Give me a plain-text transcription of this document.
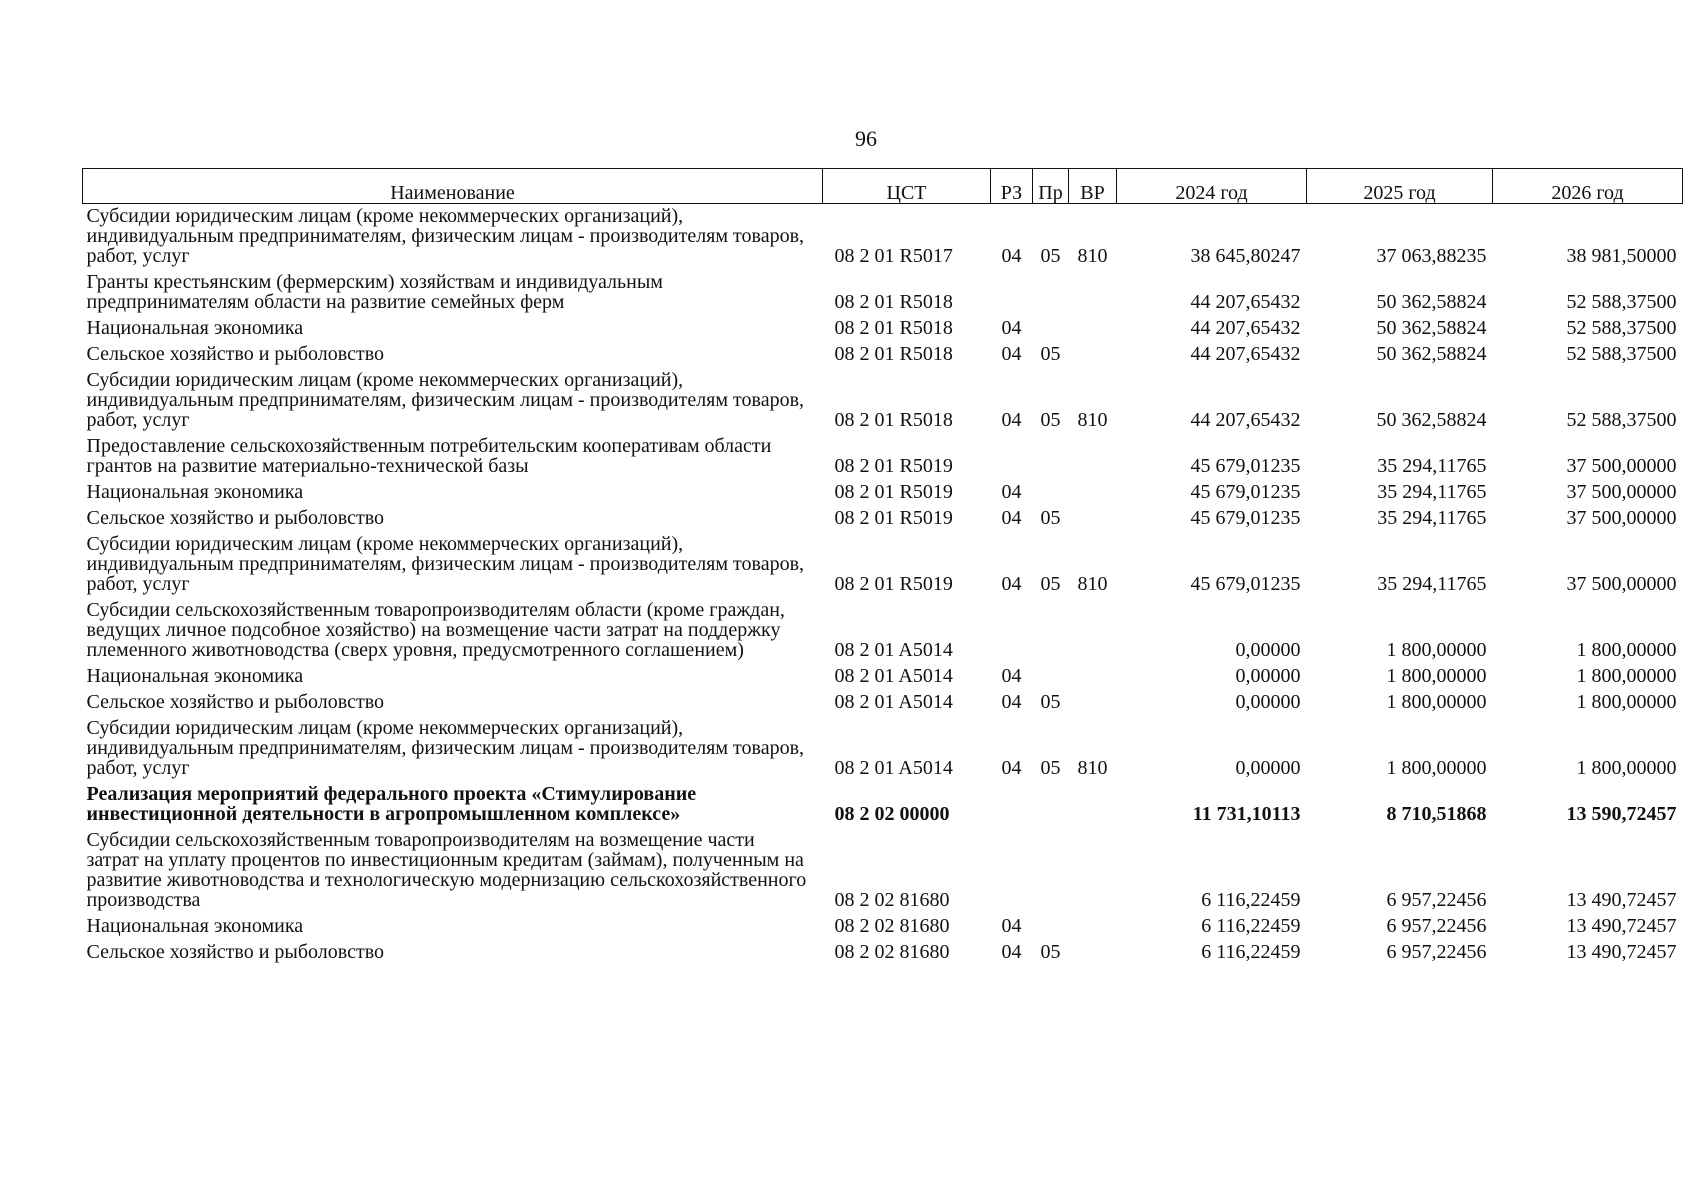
96
Наименование	ЦСТ	РЗ	Пр	ВР	2024 год	2025 год	2026 год
Субсидии юридическим лицам (кроме некоммерческих организаций), индивидуальным предпринимателям, физическим лицам - производителям товаров, работ, услуг	08 2 01 R5017	04	05	810	38 645,80247	37 063,88235	38 981,50000
Гранты крестьянским (фермерским) хозяйствам и индивидуальным предпринимателям области на развитие семейных ферм	08 2 01 R5018				44 207,65432	50 362,58824	52 588,37500
Национальная экономика	08 2 01 R5018	04			44 207,65432	50 362,58824	52 588,37500
Сельское хозяйство и рыболовство	08 2 01 R5018	04	05		44 207,65432	50 362,58824	52 588,37500
Субсидии юридическим лицам (кроме некоммерческих организаций), индивидуальным предпринимателям, физическим лицам - производителям товаров, работ, услуг	08 2 01 R5018	04	05	810	44 207,65432	50 362,58824	52 588,37500
Предоставление сельскохозяйственным потребительским кооперативам области грантов на развитие материально-технической базы	08 2 01 R5019				45 679,01235	35 294,11765	37 500,00000
Национальная экономика	08 2 01 R5019	04			45 679,01235	35 294,11765	37 500,00000
Сельское хозяйство и рыболовство	08 2 01 R5019	04	05		45 679,01235	35 294,11765	37 500,00000
Субсидии юридическим лицам (кроме некоммерческих организаций), индивидуальным предпринимателям, физическим лицам - производителям товаров, работ, услуг	08 2 01 R5019	04	05	810	45 679,01235	35 294,11765	37 500,00000
Субсидии сельскохозяйственным товаропроизводителям области (кроме граждан, ведущих личное подсобное хозяйство) на возмещение части затрат на поддержку племенного животноводства (сверх уровня, предусмотренного соглашением)	08 2 01 A5014				0,00000	1 800,00000	1 800,00000
Национальная экономика	08 2 01 A5014	04			0,00000	1 800,00000	1 800,00000
Сельское хозяйство и рыболовство	08 2 01 A5014	04	05		0,00000	1 800,00000	1 800,00000
Субсидии юридическим лицам (кроме некоммерческих организаций), индивидуальным предпринимателям, физическим лицам - производителям товаров, работ, услуг	08 2 01 A5014	04	05	810	0,00000	1 800,00000	1 800,00000
Реализация мероприятий федерального проекта «Стимулирование инвестиционной деятельности в агропромышленном комплексе»	08 2 02 00000				11 731,10113	8 710,51868	13 590,72457
Субсидии сельскохозяйственным товаропроизводителям на возмещение части затрат на уплату процентов по инвестиционным кредитам (займам), полученным на развитие животноводства и технологическую модернизацию сельскохозяйственного производства	08 2 02 81680				6 116,22459	6 957,22456	13 490,72457
Национальная экономика	08 2 02 81680	04			6 116,22459	6 957,22456	13 490,72457
Сельское хозяйство и рыболовство	08 2 02 81680	04	05		6 116,22459	6 957,22456	13 490,72457
